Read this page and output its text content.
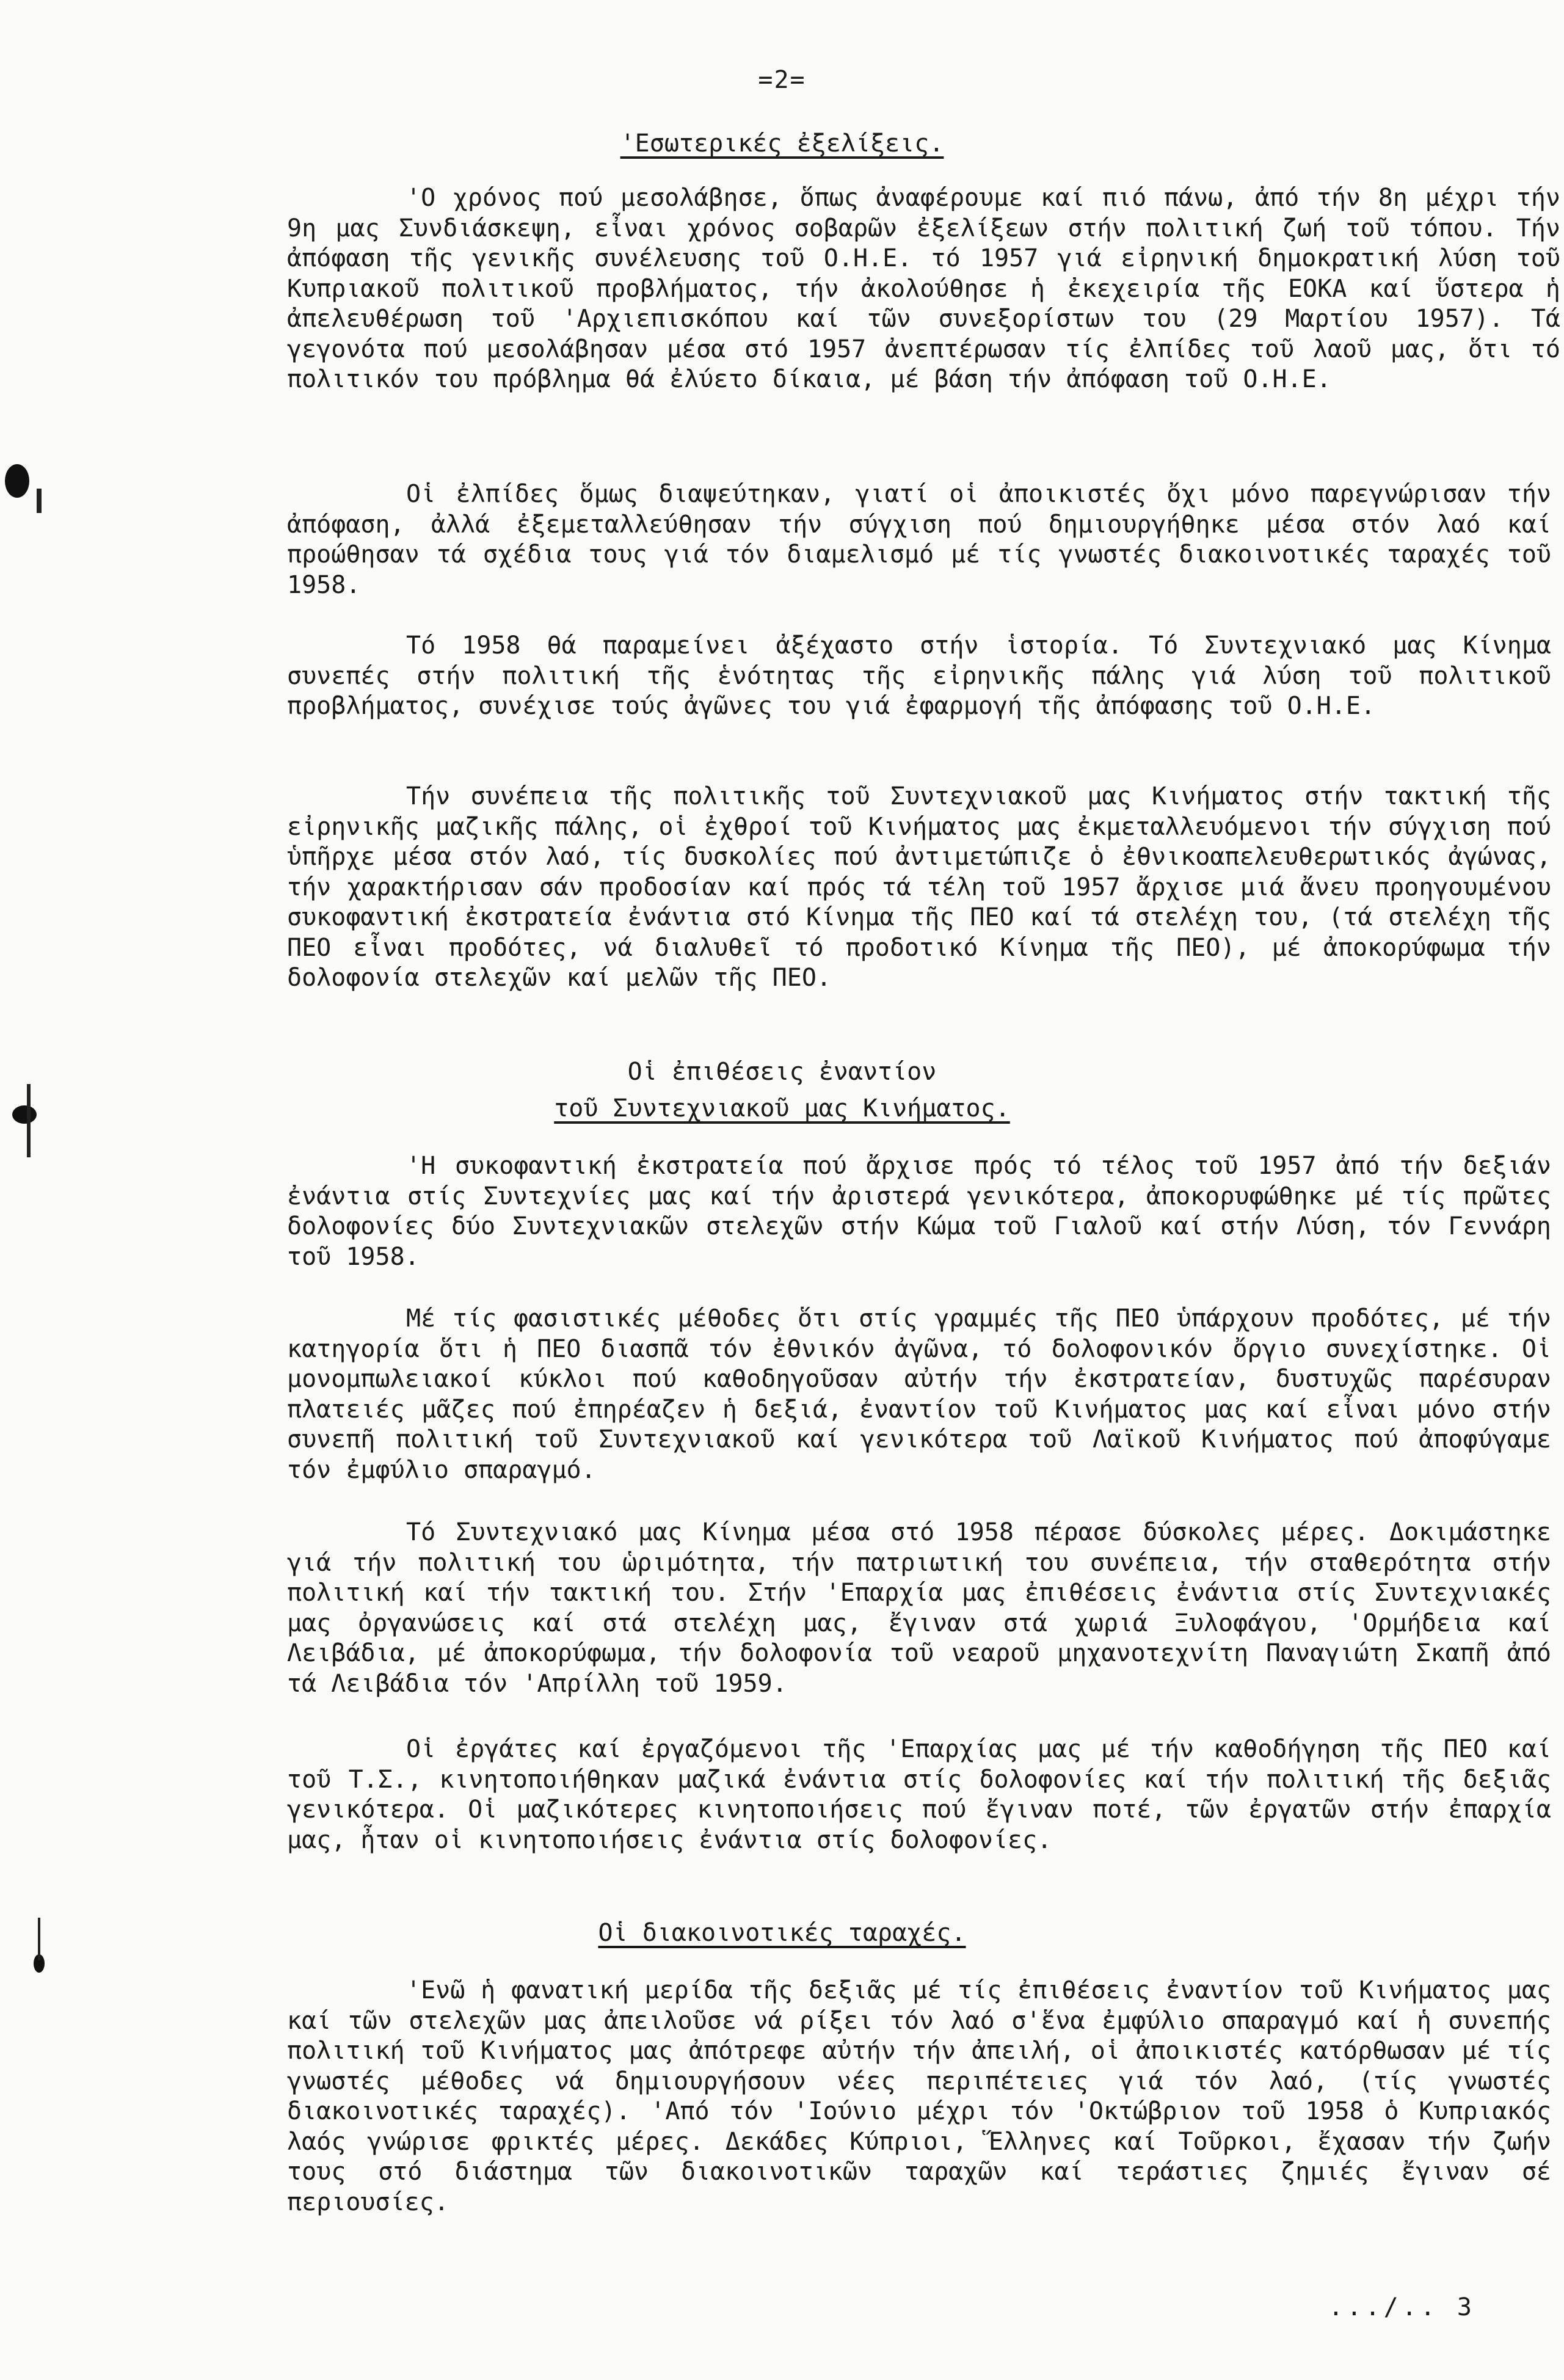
=2=
'Εσωτερικές ἐξελίξεις.
'Ο χρόνος πού μεσολάβησε, ὅπως ἀναφέρουμε καί πιό πάνω, ἀπό τήν 8η μέχρι τήν 9η μας Συνδιάσκεψη, εἶναι χρόνος σοβαρῶν ἐξελίξεων στήν πολιτική ζωή τοῦ τόπου. Τήν ἀπόφαση τῆς γενικῆς συνέλευσης τοῦ Ο.Η.Ε. τό 1957 γιά εἰρηνική δημοκρατική λύση τοῦ Κυπριακοῦ πολιτικοῦ προβλήματος, τήν ἀκολούθησε ἡ ἐκεχειρία τῆς ΕΟΚΑ καί ὕστερα ἡ ἀπελευθέρωση τοῦ 'Αρχιεπισκόπου καί τῶν συνεξορίστων του (29 Μαρτίου 1957). Τά γεγονότα πού μεσολάβησαν μέσα στό 1957 ἀνεπτέρωσαν τίς ἐλπίδες τοῦ λαοῦ μας, ὅτι τό πολιτικόν του πρόβλημα θά ἐλύετο δίκαια, μέ βάση τήν ἀπόφαση τοῦ Ο.Η.Ε.
Οἱ ἐλπίδες ὅμως διαψεύτηκαν, γιατί οἱ ἀποικιστές ὄχι μόνο παρεγνώρισαν τήν ἀπόφαση, ἀλλά ἐξεμεταλλεύθησαν τήν σύγχιση πού δημιουργήθηκε μέσα στόν λαό καί προώθησαν τά σχέδια τους γιά τόν διαμελισμό μέ τίς γνωστές διακοινοτικές ταραχές τοῦ 1958.
Τό 1958 θά παραμείνει ἀξέχαστο στήν ἱστορία. Τό Συντεχνιακό μας Κίνημα συνεπές στήν πολιτική τῆς ἑνότητας τῆς εἰρηνικῆς πάλης γιά λύση τοῦ πολιτικοῦ προβλήματος, συνέχισε τούς ἀγῶνες του γιά ἐφαρμογή τῆς ἀπόφασης τοῦ Ο.Η.Ε.
Τήν συνέπεια τῆς πολιτικῆς τοῦ Συντεχνιακοῦ μας Κινήματος στήν τακτική τῆς εἰρηνικῆς μαζικῆς πάλης, οἱ ἐχθροί τοῦ Κινήματος μας ἐκμεταλλευόμενοι τήν σύγχιση πού ὑπῆρχε μέσα στόν λαό, τίς δυσκολίες πού ἀντιμετώπιζε ὁ ἐθνικοαπελευθερωτικός ἀγώνας, τήν χαρακτήρισαν σάν προδοσίαν καί πρός τά τέλη τοῦ 1957 ἄρχισε μιά ἄνευ προηγουμένου συκοφαντική ἐκστρατεία ἐνάντια στό Κίνημα τῆς ΠΕΟ καί τά στελέχη του, (τά στελέχη τῆς ΠΕΟ εἶναι προδότες, νά διαλυθεῖ τό προδοτικό Κίνημα τῆς ΠΕΟ), μέ ἀποκορύφωμα τήν δολοφονία στελεχῶν καί μελῶν τῆς ΠΕΟ.
Οἱ ἐπιθέσεις ἐναντίον
τοῦ Συντεχνιακοῦ μας Κινήματος.
'Η συκοφαντική ἐκστρατεία πού ἄρχισε πρός τό τέλος τοῦ 1957 ἀπό τήν δεξιάν ἐνάντια στίς Συντεχνίες μας καί τήν ἀριστερά γενικότερα, ἀποκορυφώθηκε μέ τίς πρῶτες δολοφονίες δύο Συντεχνιακῶν στελεχῶν στήν Κώμα τοῦ Γιαλοῦ καί στήν Λύση, τόν Γεννάρη τοῦ 1958.
Μέ τίς φασιστικές μέθοδες ὅτι στίς γραμμές τῆς ΠΕΟ ὑπάρχουν προδότες, μέ τήν κατηγορία ὅτι ἡ ΠΕΟ διασπᾶ τόν ἐθνικόν ἀγῶνα, τό δολοφονικόν ὄργιο συνεχίστηκε. Οἱ μονομπωλειακοί κύκλοι πού καθοδηγοῦσαν αὐτήν τήν ἐκστρατείαν, δυστυχῶς παρέσυραν πλατειές μᾶζες πού ἐπηρέαζεν ἡ δεξιά, ἐναντίον τοῦ Κινήματος μας καί εἶναι μόνο στήν συνεπῆ πολιτική τοῦ Συντεχνιακοῦ καί γενικότερα τοῦ Λαϊκοῦ Κινήματος πού ἀποφύγαμε τόν ἐμφύλιο σπαραγμό.
Τό Συντεχνιακό μας Κίνημα μέσα στό 1958 πέρασε δύσκολες μέρες. Δοκιμάστηκε γιά τήν πολιτική του ὡριμότητα, τήν πατριωτική του συνέπεια, τήν σταθερότητα στήν πολιτική καί τήν τακτική του. Στήν 'Επαρχία μας ἐπιθέσεις ἐνάντια στίς Συντεχνιακές μας ὀργανώσεις καί στά στελέχη μας, ἔγιναν στά χωριά Ξυλοφάγου, 'Ορμήδεια καί Λειβάδια, μέ ἀποκορύφωμα, τήν δολοφονία τοῦ νεαροῦ μηχανοτεχνίτη Παναγιώτη Σκαπῆ ἀπό τά Λειβάδια τόν 'Απρίλλη τοῦ 1959.
Οἱ ἐργάτες καί ἐργαζόμενοι τῆς 'Επαρχίας μας μέ τήν καθοδήγηση τῆς ΠΕΟ καί τοῦ Τ.Σ., κινητοποιήθηκαν μαζικά ἐνάντια στίς δολοφονίες καί τήν πολιτική τῆς δεξιᾶς γενικότερα. Οἱ μαζικότερες κινητοποιήσεις πού ἔγιναν ποτέ, τῶν ἐργατῶν στήν ἐπαρχία μας, ἦταν οἱ κινητοποιήσεις ἐνάντια στίς δολοφονίες.
Οἱ διακοινοτικές ταραχές.
'Ενῶ ἡ φανατική μερίδα τῆς δεξιᾶς μέ τίς ἐπιθέσεις ἐναντίον τοῦ Κινήματος μας καί τῶν στελεχῶν μας ἀπειλοῦσε νά ρίξει τόν λαό σ'ἕνα ἐμφύλιο σπαραγμό καί ἡ συνεπής πολιτική τοῦ Κινήματος μας ἀπότρεφε αὐτήν τήν ἀπειλή, οἱ ἀποικιστές κατόρθωσαν μέ τίς γνωστές μέθοδες νά δημιουργήσουν νέες περιπέτειες γιά τόν λαό, (τίς γνωστές διακοινοτικές ταραχές). 'Από τόν 'Ιούνιο μέχρι τόν 'Οκτώβριον τοῦ 1958 ὁ Κυπριακός λαός γνώρισε φρικτές μέρες. Δεκάδες Κύπριοι, Ἕλληνες καί Τοῦρκοι, ἔχασαν τήν ζωήν τους στό διάστημα τῶν διακοινοτικῶν ταραχῶν καί τεράστιες ζημιές ἔγιναν σέ περιουσίες.
.../.. 3
